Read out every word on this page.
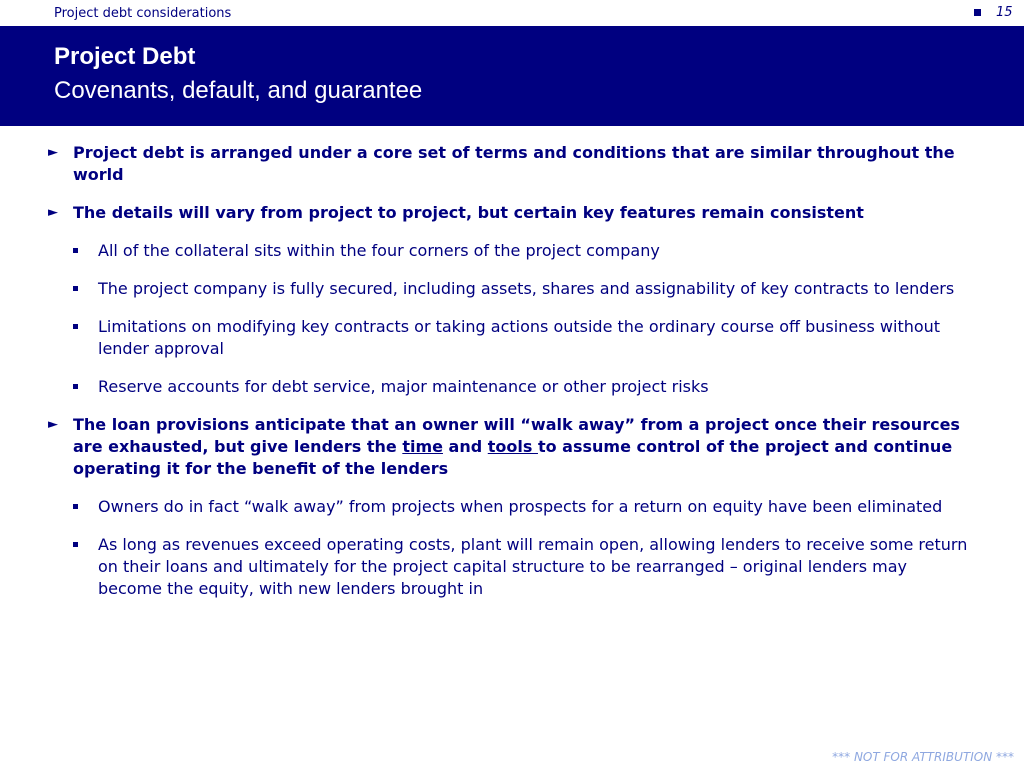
Project debt considerations	15
Project Debt
Covenants, default, and guarantee
► Project debt is arranged under a core set of terms and conditions that are similar throughout the world
► The details will vary from project to project, but certain key features remain consistent
All of the collateral sits within the four corners of the project company
The project company is fully secured, including assets, shares and assignability of key contracts to lenders
Limitations on modifying key contracts or taking actions outside the ordinary course off business without lender approval
Reserve accounts for debt service, major maintenance or other project risks
► The loan provisions anticipate that an owner will “walk away” from a project once their resources are exhausted, but give lenders the time and tools to assume control of the project and continue operating it for the benefit of the lenders
Owners do in fact “walk away” from projects when prospects for a return on equity have been eliminated
As long as revenues exceed operating costs, plant will remain open, allowing lenders to receive some return on their loans and ultimately for the project capital structure to be rearranged – original lenders may become the equity, with new lenders brought in
*** NOT FOR ATTRIBUTION ***
